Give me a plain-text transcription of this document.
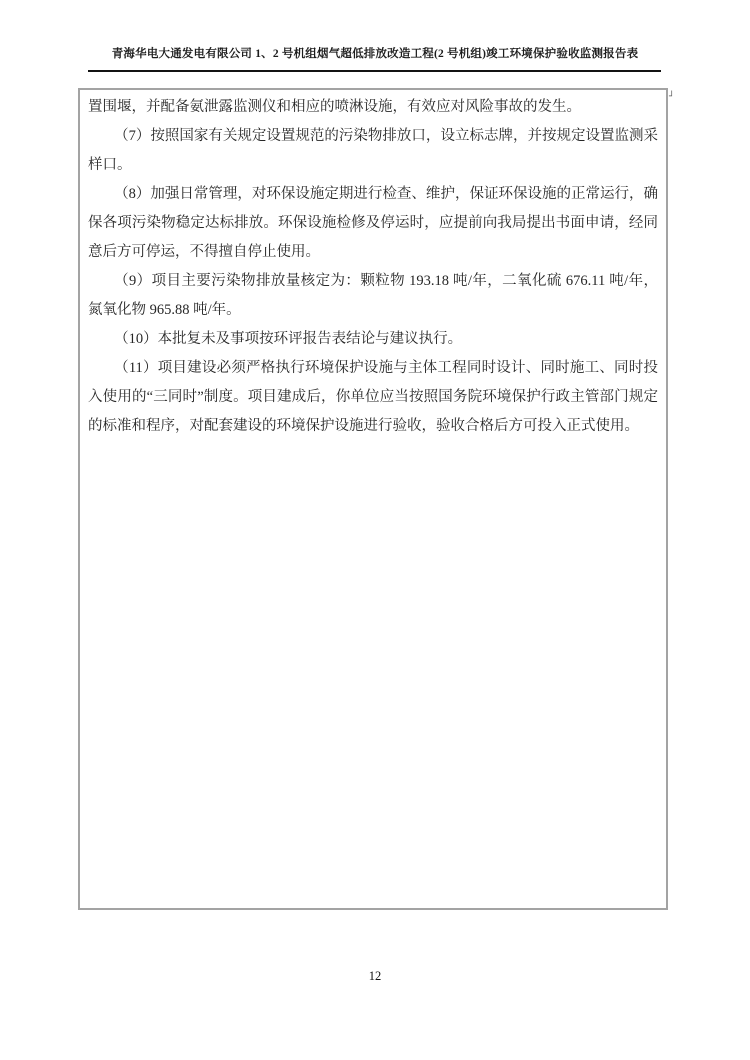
青海华电大通发电有限公司 1、2 号机组烟气超低排放改造工程(2 号机组)竣工环境保护验收监测报告表
置围堰，并配备氨泄露监测仪和相应的喷淋设施，有效应对风险事故的发生。
（7）按照国家有关规定设置规范的污染物排放口，设立标志牌，并按规定设置监测采样口。
（8）加强日常管理，对环保设施定期进行检查、维护，保证环保设施的正常运行，确保各项污染物稳定达标排放。环保设施检修及停运时，应提前向我局提出书面申请，经同意后方可停运，不得擅自停止使用。
（9）项目主要污染物排放量核定为：颗粒物 193.18 吨/年，二氧化硫 676.11 吨/年，氮氧化物 965.88 吨/年。
（10）本批复未及事项按环评报告表结论与建议执行。
（11）项目建设必须严格执行环境保护设施与主体工程同时设计、同时施工、同时投入使用的“三同时”制度。项目建成后，你单位应当按照国务院环境保护行政主管部门规定的标准和程序，对配套建设的环境保护设施进行验收，验收合格后方可投入正式使用。
┘
12
